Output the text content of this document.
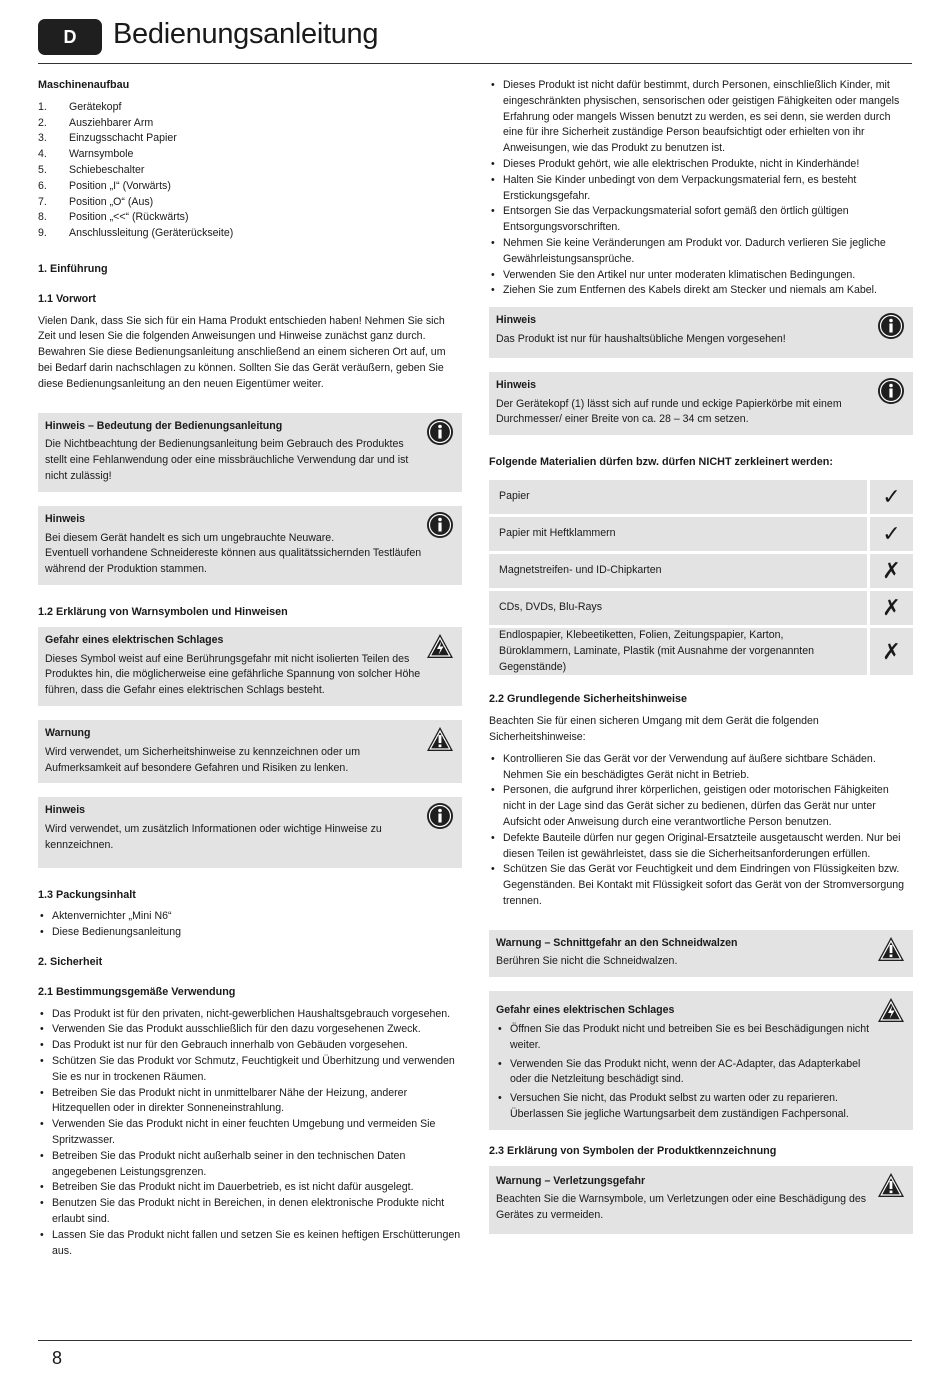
D	Bedienungsanleitung
Maschinenaufbau
1.	Gerätekopf
2.	Ausziehbarer Arm
3.	Einzugsschacht Papier
4.	Warnsymbole
5.	Schiebeschalter
6.	Position „I“ (Vorwärts)
7.	Position „O“ (Aus)
8.	Position „<<“ (Rückwärts)
9.	Anschlussleitung (Geräterückseite)
1. Einführung
1.1 Vorwort
Vielen Dank, dass Sie sich für ein Hama Produkt entschieden haben! Nehmen Sie sich Zeit und lesen Sie die folgenden Anweisungen und Hinweise zunächst ganz durch. Bewahren Sie diese Bedienungsanleitung anschließend an einem sicheren Ort auf, um bei Bedarf darin nachschlagen zu können. Sollten Sie das Gerät veräußern, geben Sie diese Bedienungsanleitung an den neuen Eigentümer weiter.
Hinweis – Bedeutung der Bedienungsanleitung
Die Nichtbeachtung der Bedienungsanleitung beim Gebrauch des Produktes stellt eine Fehlanwendung oder eine missbräuchliche Verwendung dar und ist nicht zulässig!
Hinweis
Bei diesem Gerät handelt es sich um ungebrauchte Neuware.
Eventuell vorhandene Schneidereste können aus qualitätssichernden Testläufen während der Produktion stammen.
1.2 Erklärung von Warnsymbolen und Hinweisen
Gefahr eines elektrischen Schlages
Dieses Symbol weist auf eine Berührungsgefahr mit nicht isolierten Teilen des Produktes hin, die möglicherweise eine gefährliche Spannung von solcher Höhe führen, dass die Gefahr eines elektrischen Schlags besteht.
Warnung
Wird verwendet, um Sicherheitshinweise zu kennzeichnen oder um Aufmerksamkeit auf besondere Gefahren und Risiken zu lenken.
Hinweis
Wird verwendet, um zusätzlich Informationen oder wichtige Hinweise zu kennzeichnen.
1.3 Packungsinhalt
• Aktenvernichter „Mini N6“
• Diese Bedienungsanleitung
2. Sicherheit
2.1 Bestimmungsgemäße Verwendung
• Das Produkt ist für den privaten, nicht-gewerblichen Haushaltsgebrauch vorgesehen.
• Verwenden Sie das Produkt ausschließlich für den dazu vorgesehenen Zweck.
• Das Produkt ist nur für den Gebrauch innerhalb von Gebäuden vorgesehen.
• Schützen Sie das Produkt vor Schmutz, Feuchtigkeit und Überhitzung und verwenden Sie es nur in trockenen Räumen.
• Betreiben Sie das Produkt nicht in unmittelbarer Nähe der Heizung, anderer Hitzequellen oder in direkter Sonneneinstrahlung.
• Verwenden Sie das Produkt nicht in einer feuchten Umgebung und vermeiden Sie Spritzwasser.
• Betreiben Sie das Produkt nicht außerhalb seiner in den technischen Daten angegebenen Leistungsgrenzen.
• Betreiben Sie das Produkt nicht im Dauerbetrieb, es ist nicht dafür ausgelegt.
• Benutzen Sie das Produkt nicht in Bereichen, in denen elektronische Produkte nicht erlaubt sind.
• Lassen Sie das Produkt nicht fallen und setzen Sie es keinen heftigen Erschütterungen aus.
• Dieses Produkt ist nicht dafür bestimmt, durch Personen, einschließlich Kinder, mit eingeschränkten physischen, sensorischen oder geistigen Fähigkeiten oder mangels Erfahrung oder mangels Wissen benutzt zu werden, es sei denn, sie werden durch eine für ihre Sicherheit zuständige Person beaufsichtigt oder erhielten von ihr Anweisungen, wie das Produkt zu benutzen ist.
• Dieses Produkt gehört, wie alle elektrischen Produkte, nicht in Kinderhände!
• Halten Sie Kinder unbedingt von dem Verpackungsmaterial fern, es besteht Erstickungsgefahr.
• Entsorgen Sie das Verpackungsmaterial sofort gemäß den örtlich gültigen Entsorgungsvorschriften.
• Nehmen Sie keine Veränderungen am Produkt vor. Dadurch verlieren Sie jegliche Gewährleistungsansprüche.
• Verwenden Sie den Artikel nur unter moderaten klimatischen Bedingungen.
• Ziehen Sie zum Entfernen des Kabels direkt am Stecker und niemals am Kabel.
Hinweis
Das Produkt ist nur für haushaltsübliche Mengen vorgesehen!
Hinweis
Der Gerätekopf (1) lässt sich auf runde und eckige Papierkörbe mit einem Durchmesser/ einer Breite von ca. 28 – 34 cm setzen.
Folgende Materialien dürfen bzw. dürfen NICHT zerkleinert werden:
Papier	✓
Papier mit Heftklammern	✓
Magnetstreifen- und ID-Chipkarten	✗
CDs, DVDs, Blu-Rays	✗
Endlospapier, Klebeetiketten, Folien, Zeitungspapier, Karton, Büroklammern, Laminate, Plastik (mit Ausnahme der vorgenannten Gegenstände)	✗
2.2 Grundlegende Sicherheitshinweise
Beachten Sie für einen sicheren Umgang mit dem Gerät die folgenden Sicherheitshinweise:
• Kontrollieren Sie das Gerät vor der Verwendung auf äußere sichtbare Schäden. Nehmen Sie ein beschädigtes Gerät nicht in Betrieb.
• Personen, die aufgrund ihrer körperlichen, geistigen oder motorischen Fähigkeiten nicht in der Lage sind das Gerät sicher zu bedienen, dürfen das Gerät nur unter Aufsicht oder Anweisung durch eine verantwortliche Person benutzen.
• Defekte Bauteile dürfen nur gegen Original-Ersatzteile ausgetauscht werden. Nur bei diesen Teilen ist gewährleistet, dass sie die Sicherheitsanforderungen erfüllen.
• Schützen Sie das Gerät vor Feuchtigkeit und dem Eindringen von Flüssigkeiten bzw. Gegenständen. Bei Kontakt mit Flüssigkeit sofort das Gerät von der Stromversorgung trennen.
Warnung – Schnittgefahr an den Schneidwalzen
Berühren Sie nicht die Schneidwalzen.
Gefahr eines elektrischen Schlages
• Öffnen Sie das Produkt nicht und betreiben Sie es bei Beschädigungen nicht weiter.
• Verwenden Sie das Produkt nicht, wenn der AC-Adapter, das Adapterkabel oder die Netzleitung beschädigt sind.
• Versuchen Sie nicht, das Produkt selbst zu warten oder zu reparieren. Überlassen Sie jegliche Wartungsarbeit dem zuständigen Fachpersonal.
2.3 Erklärung von Symbolen der Produktkennzeichnung
Warnung – Verletzungsgefahr
Beachten Sie die Warnsymbole, um Verletzungen oder eine Beschädigung des Gerätes zu vermeiden.
8
